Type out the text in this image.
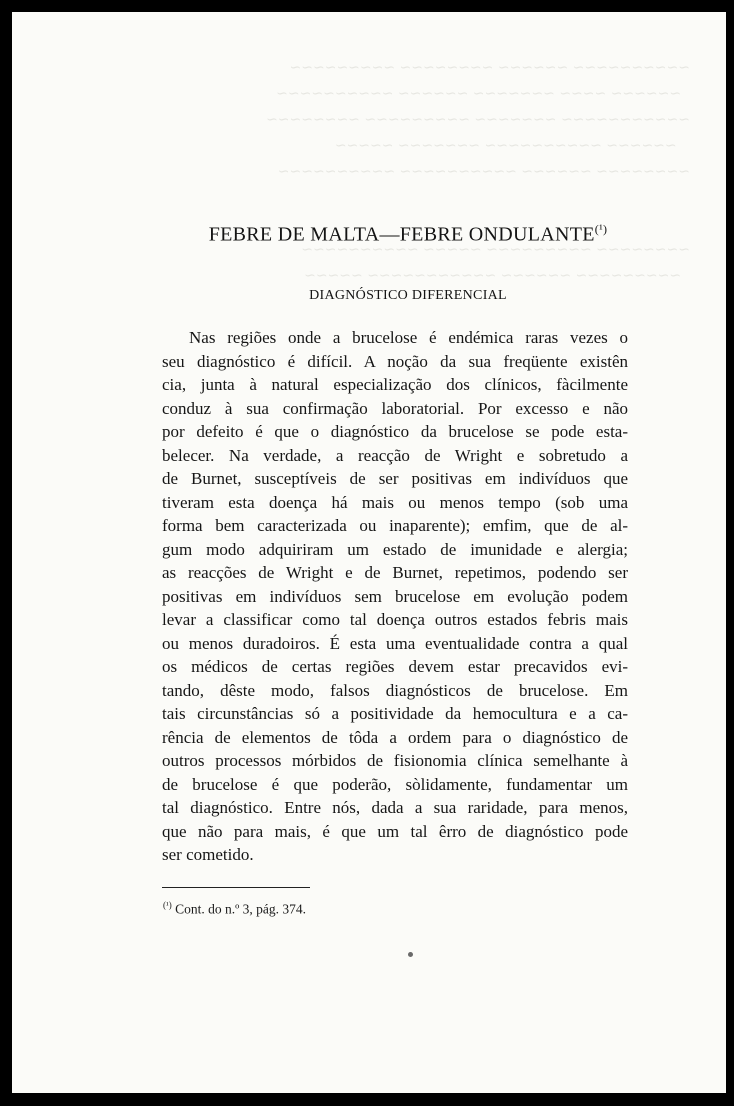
~~~~~~~~~~ ~~~~~~ ~~~~~~~~ ~~~~~~~~~
~~~~~~ ~~~~ ~~~~~~~ ~~~~~~ ~~~~~~~~~~
~~~~~~~~~~~ ~~~~~~~ ~~~~~~~~~ ~~~~~~~~
~~~~~~ ~~~~~~~~~~ ~~~~~~~ ~~~~~
~~~~~~~~ ~~~~~~ ~~~~~~~~~~ ~~~~~~~~~~

~~~~~~~~ ~~~~~~~~~ ~~~~~ ~~~~~~~~~~
~~~~~~~~~ ~~~~~~ ~~~~~~~~~~~ ~~~~~
FEBRE DE MALTA—FEBRE $ONDULANTE^{(^1)}$
DIAGNÓSTICO DIFERENCIAL
Nas regiões onde a brucelose é endémica raras vezes o
seu diagnóstico é difícil. A noção da sua freqüente existên
cia, junta à natural especialização dos clínicos, fàcilmente
conduz à sua confirmação laboratorial. Por excesso e não
por defeito é que o diagnóstico da brucelose se pode esta-
belecer. Na verdade, a reacção de Wright e sobretudo a
de Burnet, susceptíveis de ser positivas em indivíduos que
tiveram esta doença há mais ou menos tempo (sob uma
forma bem caracterizada ou inaparente); emfim, que de al-
gum modo adquiriram um estado de imunidade e alergia;
as reacções de Wright e de Burnet, repetimos, podendo ser
positivas em indivíduos sem brucelose em evolução podem
levar a classificar como tal doença outros estados febris mais
ou menos duradoiros. É esta uma eventualidade contra a qual
os médicos de certas regiões devem estar precavidos evi-
tando, dêste modo, falsos diagnósticos de brucelose. Em
tais circunstâncias só a positividade da hemocultura e a ca-
rência de elementos de tôda a ordem para o diagnóstico de
outros processos mórbidos de fisionomia clínica semelhante à
de brucelose é que poderão, sòlidamente, fundamentar um
tal diagnóstico. Entre nós, dada a sua raridade, para menos,
que não para mais, é que um tal êrro de diagnóstico pode
ser cometido.
$^{(^1)}$ Cont. do n.º 3, pág. 374.
